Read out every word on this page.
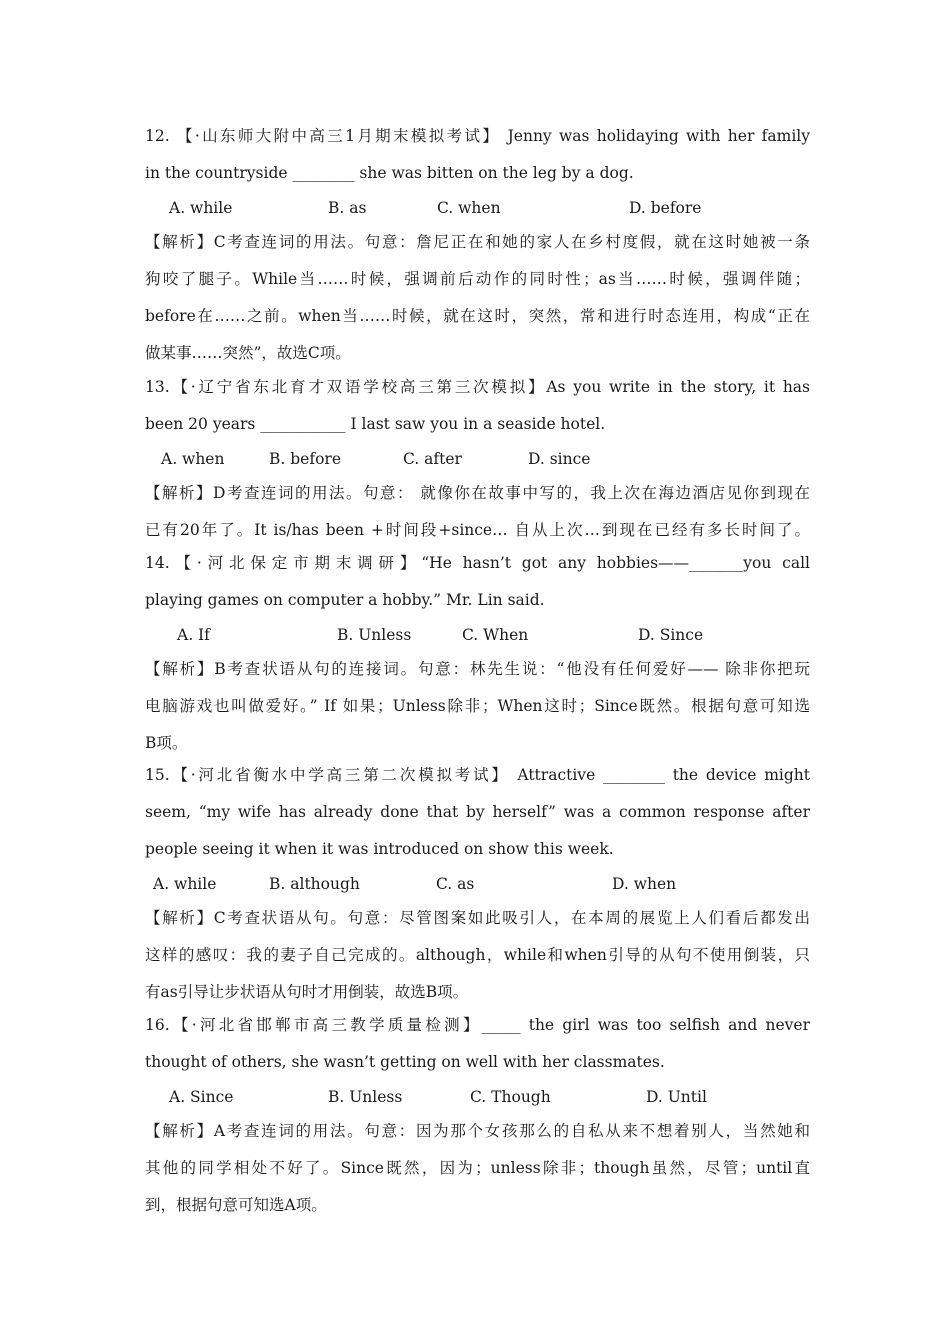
12. 【·山东师大附中高三1月期末模拟考试】 Jenny was holidaying with her family
in the countryside ________ she was bitten on the leg by a dog.
A. while	B. as	C. when	D. before
【解析】C考查连词的用法。句意：詹尼正在和她的家人在乡村度假，就在这时她被一条
狗咬了腿子。While当……时候，强调前后动作的同时性；as当……时候，强调伴随；
before在……之前。when当……时候，就在这时，突然，常和进行时态连用，构成“正在
做某事……突然”，故选C项。
13.【·辽宁省东北育才双语学校高三第三次模拟】As you write in the story, it has
been 20 years ___________ I last saw you in a seaside hotel.
A. when	B. before	C. after	D. since
【解析】D考查连词的用法。句意： 就像你在故事中写的，我上次在海边酒店见你到现在
已有20年了。It is/has been +时间段+since… 自从上次…到现在已经有多长时间了。
14.【·河北保定市期末调研】“He hasn’t got any hobbies——_______you call
playing games on computer a hobby.” Mr. Lin said.
A. If	B. Unless	C. When	D. Since
【解析】B考查状语从句的连接词。句意：林先生说：“他没有任何爱好—— 除非你把玩
电脑游戏也叫做爱好。” If 如果；Unless除非；When这时；Since既然。根据句意可知选
B项。
15.【·河北省衡水中学高三第二次模拟考试】 Attractive ________ the device might
seem, “my wife has already done that by herself” was a common response after
people seeing it when it was introduced on show this week.
A. while	B. although	C. as	D. when
【解析】C考查状语从句。句意：尽管图案如此吸引人，在本周的展览上人们看后都发出
这样的感叹：我的妻子自己完成的。although，while和when引导的从句不使用倒装，只
有as引导让步状语从句时才用倒装，故选B项。
16.【·河北省邯郸市高三教学质量检测】_____ the girl was too selfish and never
thought of others, she wasn’t getting on well with her classmates.
A. Since	B. Unless	C. Though	D. Until
【解析】A考查连词的用法。句意：因为那个女孩那么的自私从来不想着别人，当然她和
其他的同学相处不好了。Since既然，因为；unless除非；though虽然，尽管；until直
到，根据句意可知选A项。
